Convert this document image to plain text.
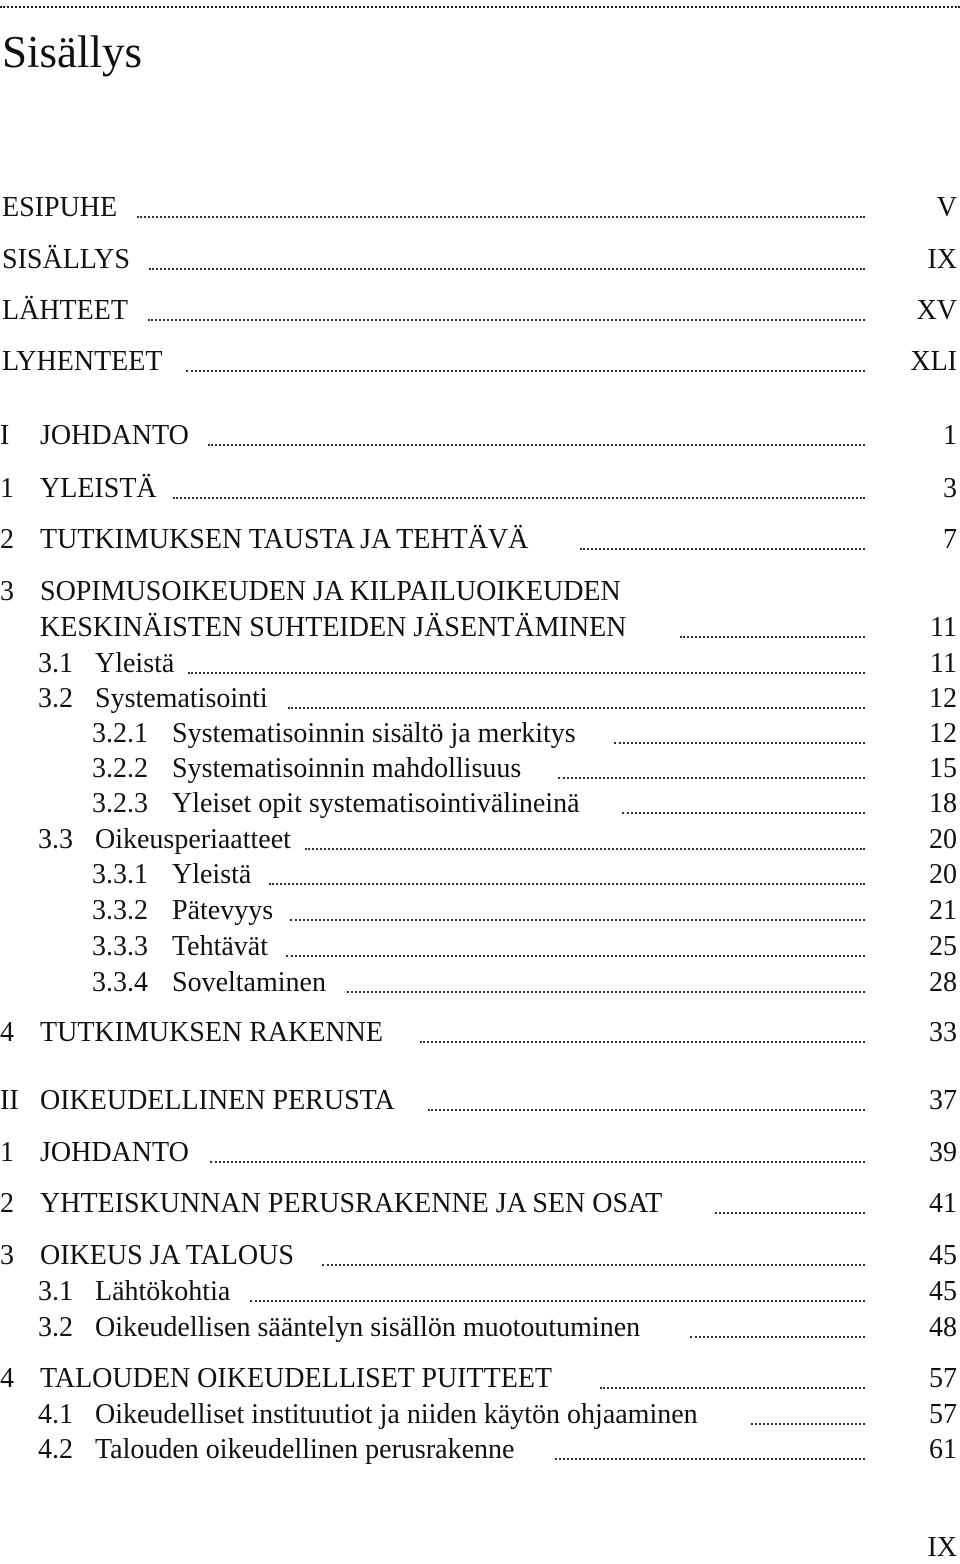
Sisällys
ESIPUHE	V
SISÄLLYS	IX
LÄHTEET	XV
LYHENTEET	XLI
I JOHDANTO	1
1 YLEISTÄ	3
2 TUTKIMUKSEN TAUSTA JA TEHTÄVÄ	7
3 SOPIMUSOIKEUDEN JA KILPAILUOIKEUDEN
KESKINÄISTEN SUHTEIDEN JÄSENTÄMINEN	11
3.1 Yleistä	11
3.2 Systematisointi	12
3.2.1 Systematisoinnin sisältö ja merkitys	12
3.2.2 Systematisoinnin mahdollisuus	15
3.2.3 Yleiset opit systematisointivälineinä	18
3.3 Oikeusperiaatteet	20
3.3.1 Yleistä	20
3.3.2 Pätevyys	21
3.3.3 Tehtävät	25
3.3.4 Soveltaminen	28
4 TUTKIMUKSEN RAKENNE	33
II OIKEUDELLINEN PERUSTA	37
1 JOHDANTO	39
2 YHTEISKUNNAN PERUSRAKENNE JA SEN OSAT	41
3 OIKEUS JA TALOUS	45
3.1 Lähtökohtia	45
3.2 Oikeudellisen sääntelyn sisällön muotoutuminen	48
4 TALOUDEN OIKEUDELLISET PUITTEET	57
4.1 Oikeudelliset instituutiot ja niiden käytön ohjaaminen	57
4.2 Talouden oikeudellinen perusrakenne	61
IX
